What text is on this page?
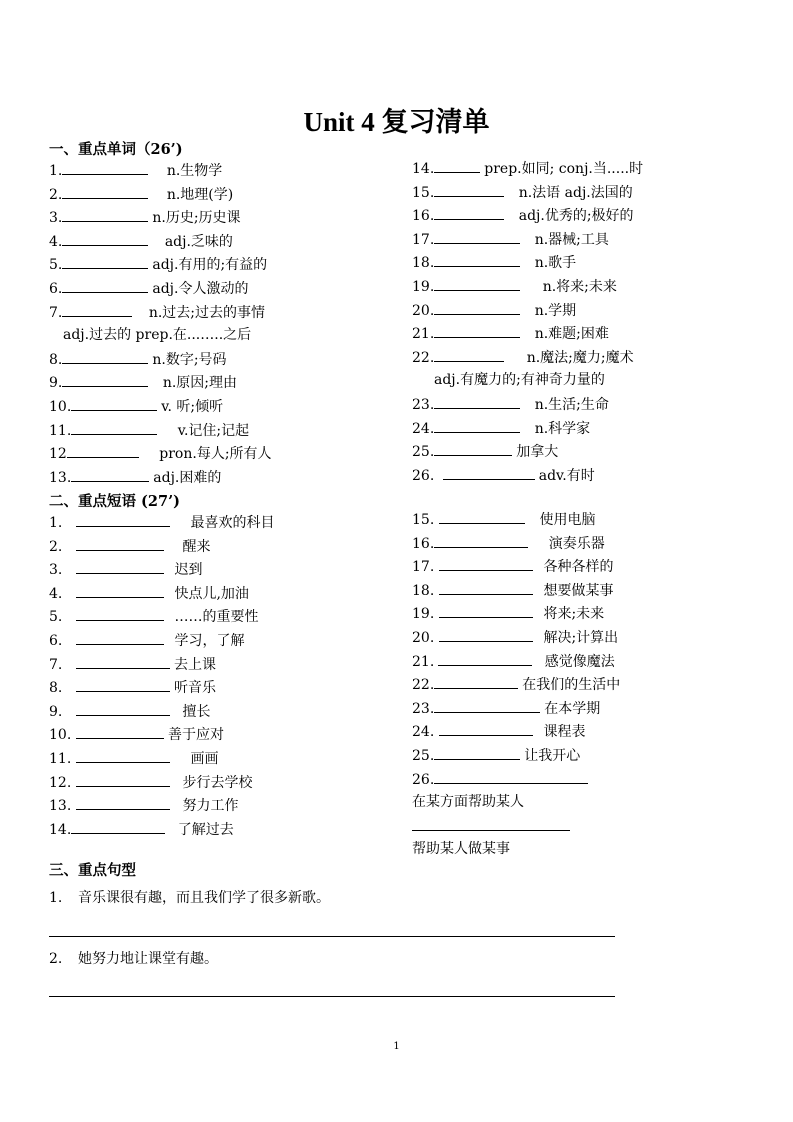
Unit 4 复习清单
一、重点单词（26’)
1.	n.生物学
2.	n.地理(学)
3.	n.历史;历史课
4.	adj.乏味的
5.	adj.有用的;有益的
6.	adj.令人激动的
7.	n.过去;过去的事情
adj.过去的 prep.在...…..之后
8.	n.数字;号码
9.	n.原因;理由
10.	v. 听;倾听
11.	v.记住;记起
12	pron.每人;所有人
13.	adj.困难的
14.	prep.如同; conj.当.....时
15.	n.法语 adj.法国的
16.	adj.优秀的;极好的
17.	n.器械;工具
18.	n.歌手
19.	n.将来;未来
20.	n.学期
21.	n.难题;困难
22.	n.魔法;魔力;魔术
adj.有魔力的;有神奇力量的
23.	n.生活;生命
24.	n.科学家
25.	加拿大
26.	adv.有时
二、重点短语 (27’)
1.	最喜欢的科目
2.	醒来
3.	迟到
4.	快点儿,加油
5.	……的重要性
6.	学习，了解
7.	去上课
8.	听音乐
9.	擅长
10.	善于应对
11.	画画
12.	步行去学校
13.	努力工作
14.	了解过去
15.	使用电脑
16.	演奏乐器
17.	各种各样的
18.	想要做某事
19.	将来;未来
20.	解决;计算出
21.	感觉像魔法
22.	在我们的生活中
23.	在本学期
24.	课程表
25.	让我开心
26.
在某方面帮助某人
帮助某人做某事
三、重点句型
1. 音乐课很有趣，而且我们学了很多新歌。
2. 她努力地让课堂有趣。
1
